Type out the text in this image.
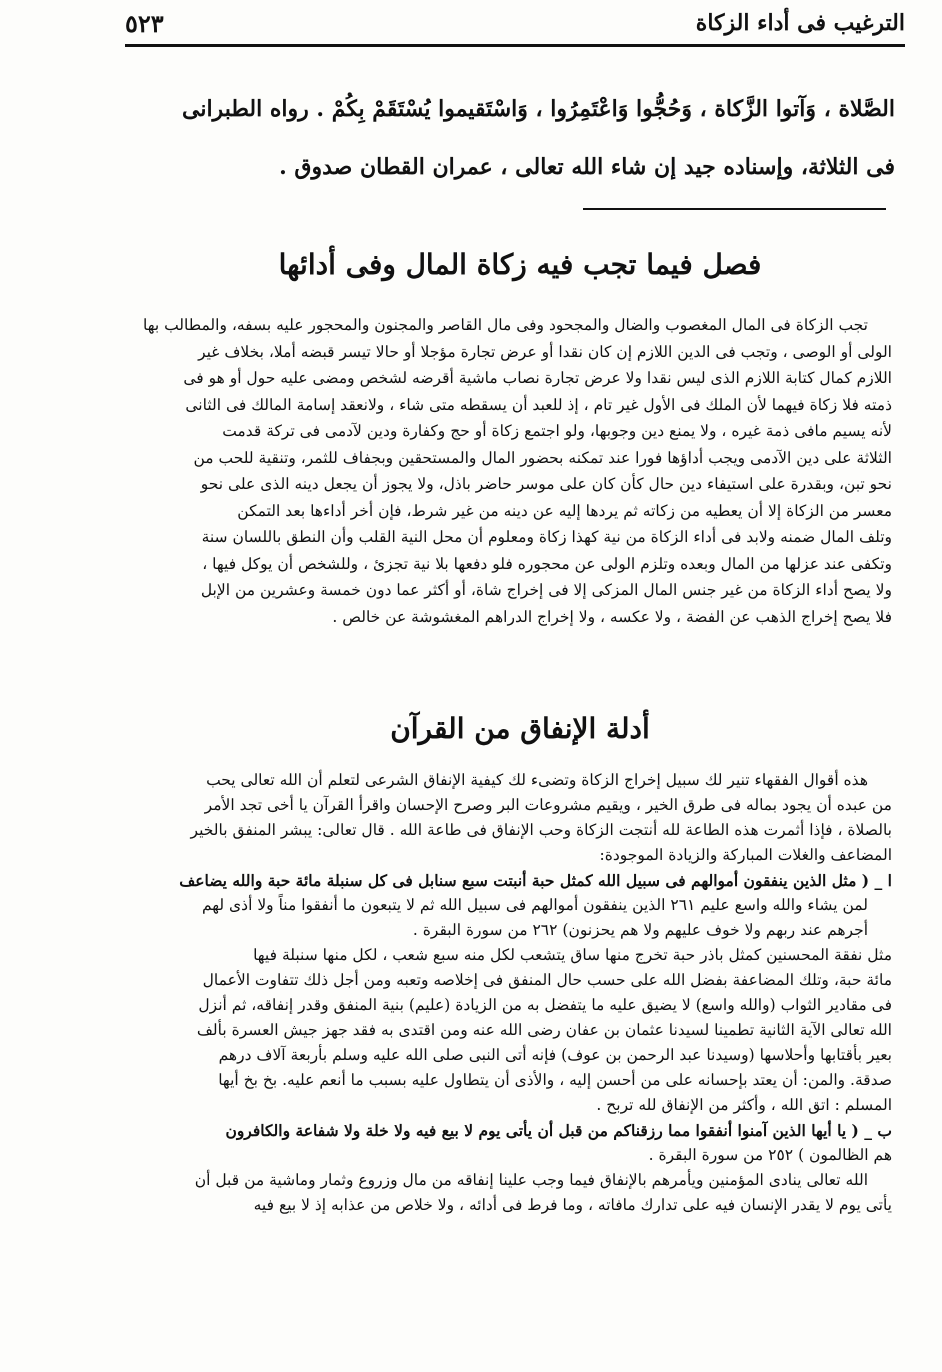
الترغيب فى أداء الزكاة
٥٢٣
الصَّلاة ، وَآتوا الزَّكاة ، وَحُجُّوا وَاعْتَمِرُوا ، وَاسْتَقيموا يُسْتَقَمْ بِكُمْ . رواه الطبرانى
فى الثلاثة، وإسناده جيد إن شاء الله تعالى ، عمران القطان صدوق .
فصل فيما تجب فيه زكاة المال وفى أدائها
تجب الزكاة فى المال المغصوب والضال والمجحود وفى مال القاصر والمجنون والمحجور عليه بسفه، والمطالب بها
الولى أو الوصى ، وتجب فى الدين اللازم إن كان نقدا أو عرض تجارة مؤجلا أو حالا تيسر قبضه أملا، بخلاف غير
اللازم كمال كتابة اللازم الذى ليس نقدا ولا عرض تجارة نصاب ماشية أقرضه لشخص ومضى عليه حول أو هو فى
ذمته فلا زكاة فيهما لأن الملك فى الأول غير تام ، إذ للعبد أن يسقطه متى شاء ، ولانعقد إسامة المالك فى الثانى
لأنه يسيم مافى ذمة غيره ، ولا يمنع دين وجوبها، ولو اجتمع زكاة أو حج وكفارة ودين لآدمى فى تركة قدمت
الثلاثة على دين الآدمى ويجب أداؤها فورا عند تمكنه بحضور المال والمستحقين وبجفاف للثمر، وتنقية للحب من
نحو تبن، وبقدرة على استيفاء دين حال كأن كان على موسر حاضر باذل، ولا يجوز أن يجعل دينه الذى على نحو
معسر من الزكاة إلا أن يعطيه من زكاته ثم يردها إليه عن دينه من غير شرط، فإن أخر أداءها بعد التمكن
وتلف المال ضمنه ولابد فى أداء الزكاة من نية كهذا زكاة ومعلوم أن محل النية القلب وأن النطق باللسان سنة
وتكفى عند عزلها من المال وبعده وتلزم الولى عن محجوره فلو دفعها بلا نية تجزئ ، وللشخص أن يوكل فيها ،
ولا يصح أداء الزكاة من غير جنس المال المزكى إلا فى إخراج شاة، أو أكثر عما دون خمسة وعشرين من الإبل
فلا يصح إخراج الذهب عن الفضة ، ولا عكسه ، ولا إخراج الدراهم المغشوشة عن خالص .
أدلة الإنفاق من القرآن
هذه أقوال الفقهاء تنير لك سبيل إخراج الزكاة وتضىء لك كيفية الإنفاق الشرعى لتعلم أن الله تعالى يحب
من عبده أن يجود بماله فى طرق الخير ، ويقيم مشروعات البر وصرح الإحسان واقرأ القرآن يا أخى تجد الأمر
بالصلاة ، فإذا أثمرت هذه الطاعة لله أنتجت الزكاة وحب الإنفاق فى طاعة الله . قال تعالى: يبشر المنفق بالخير
المضاعف والغلات المباركة والزيادة الموجودة:
ا _ ( مثل الذين ينفقون أموالهم فى سبيل الله كمثل حبة أنبتت سبع سنابل فى كل سنبلة مائة حبة والله يضاعف
لمن يشاء والله واسع عليم ٢٦١ الذين ينفقون أموالهم فى سبيل الله ثم لا يتبعون ما أنفقوا مناً ولا أذى لهم
أجرهم عند ربهم ولا خوف عليهم ولا هم يحزنون) ٢٦٢ من سورة البقرة .
مثل نفقة المحسنين كمثل باذر حبة تخرج منها ساق يتشعب لكل منه سبع شعب ، لكل منها سنبلة فيها
مائة حبة، وتلك المضاعفة بفضل الله على حسب حال المنفق فى إخلاصه وتعبه ومن أجل ذلك تتفاوت الأعمال
فى مقادير الثواب (والله واسع) لا يضيق عليه ما يتفضل به من الزيادة (عليم) بنية المنفق وقدر إنفاقه، ثم أنزل
الله تعالى الآية الثانية تطمينا لسيدنا عثمان بن عفان رضى الله عنه ومن اقتدى به فقد جهز جيش العسرة بألف
بعير بأقتابها وأحلاسها (وسيدنا عبد الرحمن بن عوف) فإنه أتى النبى صلى الله عليه وسلم بأربعة آلاف درهم
صدقة. والمن: أن يعتد بإحسانه على من أحسن إليه ، والأذى أن يتطاول عليه بسبب ما أنعم عليه. بخ بخ أيها
المسلم : اتق الله ، وأكثر من الإنفاق لله تربح .
ب _ ( يا أيها الذين آمنوا أنفقوا مما رزقناكم من قبل أن يأتى يوم لا بيع فيه ولا خلة ولا شفاعة والكافرون
هم الظالمون ) ٢٥٢ من سورة البقرة .
الله تعالى ينادى المؤمنين ويأمرهم بالإنفاق فيما وجب علينا إنفاقه من مال وزروع وثمار وماشية من قبل أن
يأتى يوم لا يقدر الإنسان فيه على تدارك مافاته ، وما فرط فى أدائه ، ولا خلاص من عذابه إذ لا بيع فيه
